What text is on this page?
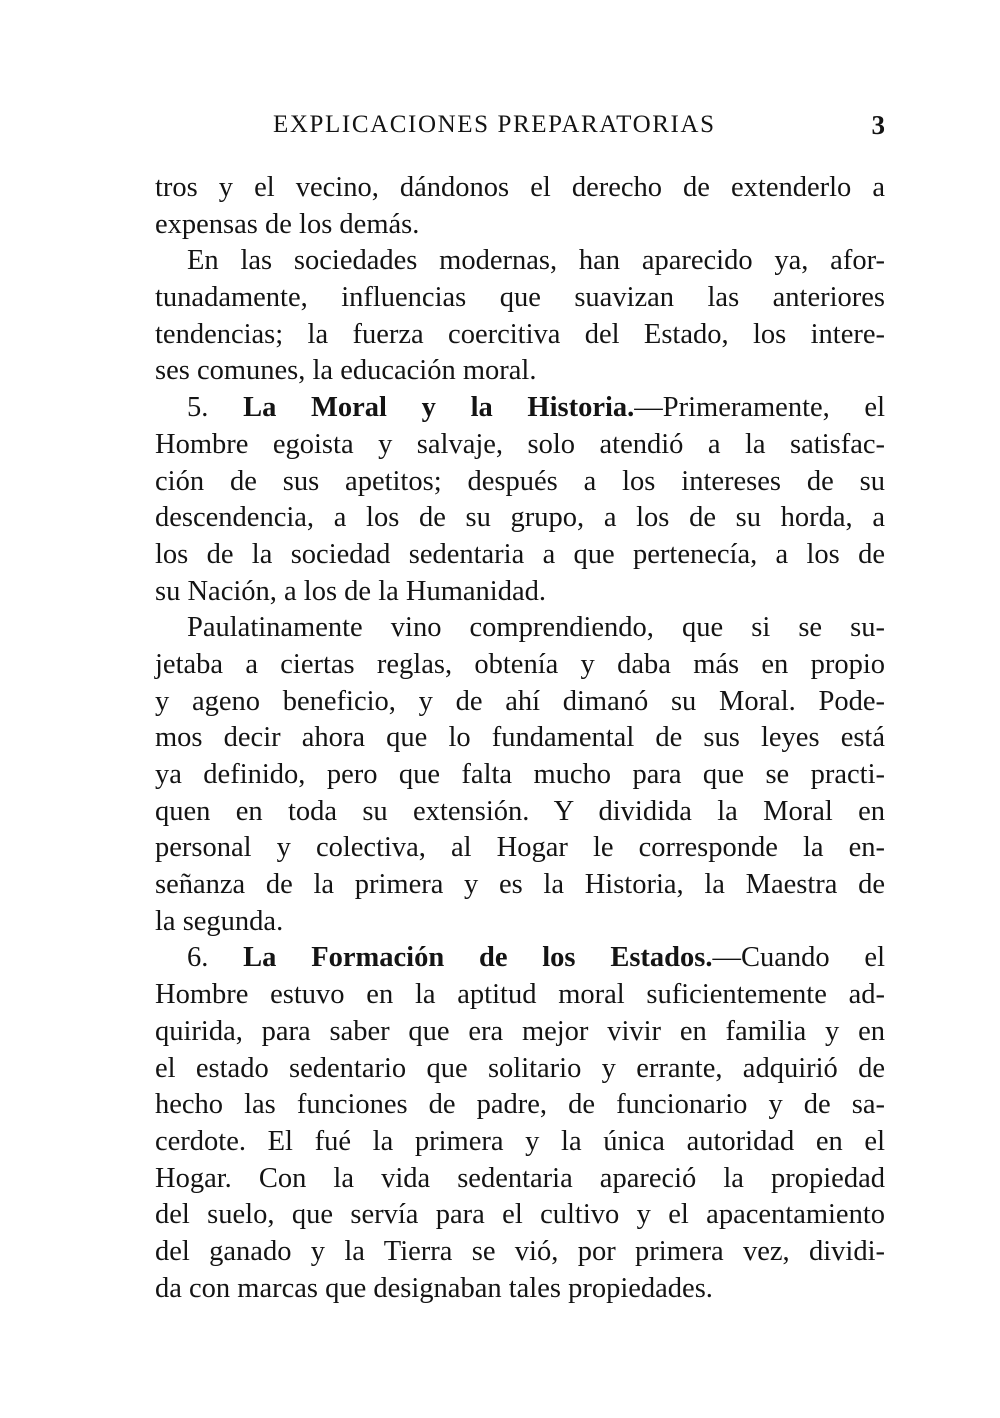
EXPLICACIONES PREPARATORIAS	3
tros y el vecino, dándonos el derecho de extenderlo a
expensas de los demás.
En las sociedades modernas, han aparecido ya, afor-
tunadamente, influencias que suavizan las anteriores
tendencias; la fuerza coercitiva del Estado, los intere-
ses comunes, la educación moral.
5. La Moral y la Historia.—Primeramente, el
Hombre egoista y salvaje, solo atendió a la satisfac-
ción de sus apetitos; después a los intereses de su
descendencia, a los de su grupo, a los de su horda, a
los de la sociedad sedentaria a que pertenecía, a los de
su Nación, a los de la Humanidad.
Paulatinamente vino comprendiendo, que si se su-
jetaba a ciertas reglas, obtenía y daba más en propio
y ageno beneficio, y de ahí dimanó su Moral. Pode-
mos decir ahora que lo fundamental de sus leyes está
ya definido, pero que falta mucho para que se practi-
quen en toda su extensión. Y dividida la Moral en
personal y colectiva, al Hogar le corresponde la en-
señanza de la primera y es la Historia, la Maestra de
la segunda.
6. La Formación de los Estados.—Cuando el
Hombre estuvo en la aptitud moral suficientemente ad-
quirida, para saber que era mejor vivir en familia y en
el estado sedentario que solitario y errante, adquirió de
hecho las funciones de padre, de funcionario y de sa-
cerdote. El fué la primera y la única autoridad en el
Hogar. Con la vida sedentaria apareció la propiedad
del suelo, que servía para el cultivo y el apacentamiento
del ganado y la Tierra se vió, por primera vez, dividi-
da con marcas que designaban tales propiedades.
